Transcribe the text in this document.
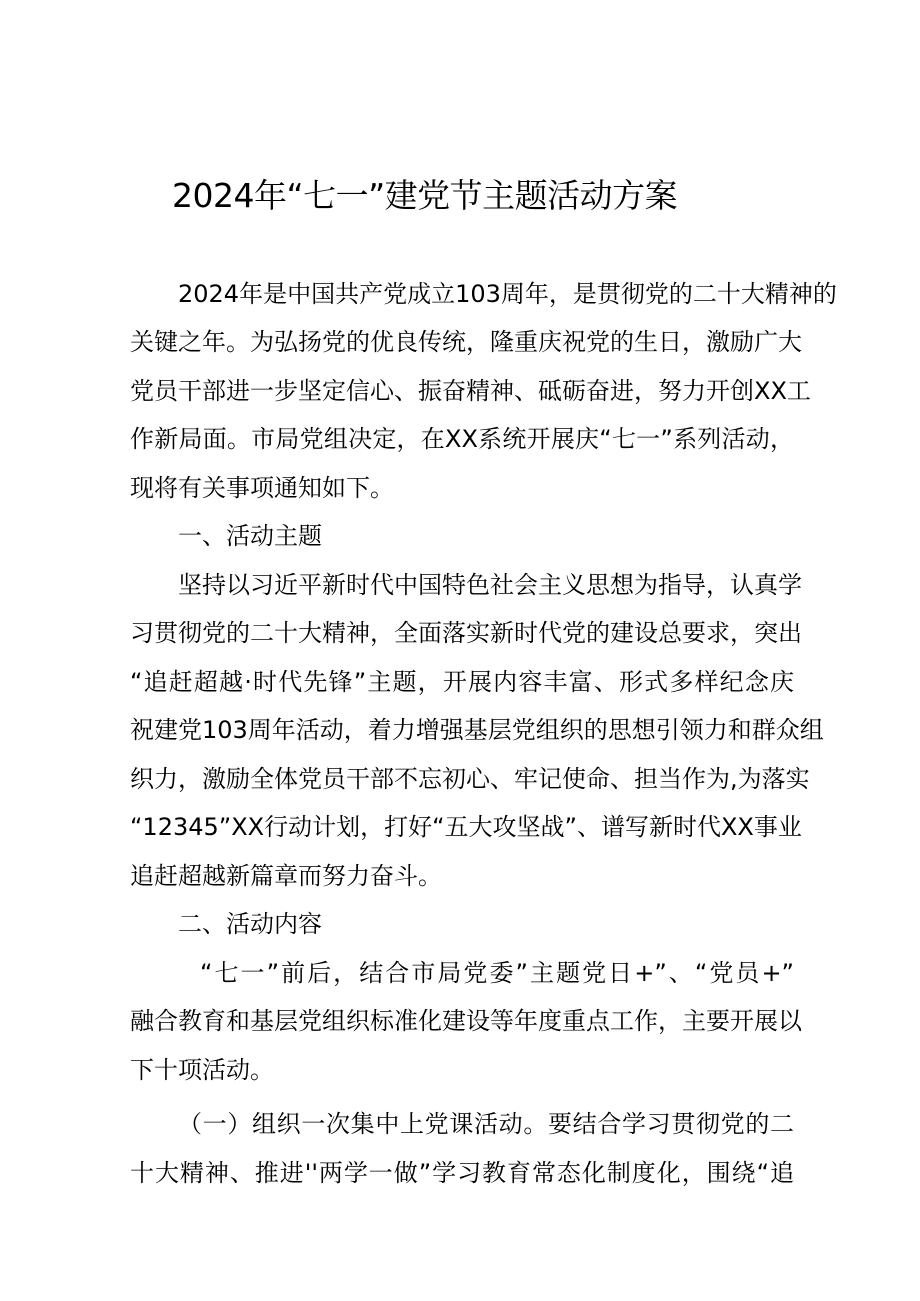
2024年“七一”建党节主题活动方案
2024年是中国共产党成立103周年，是贯彻党的二十大精神的
关键之年。为弘扬党的优良传统，隆重庆祝党的生日，激励广大
党员干部进一步坚定信心、振奋精神、砥砺奋进，努力开创XX工
作新局面。市局党组决定，在XX系统开展庆“七一”系列活动，
现将有关事项通知如下。
一、活动主题
坚持以习近平新时代中国特色社会主义思想为指导，认真学
习贯彻党的二十大精神，全面落实新时代党的建设总要求，突出
“追赶超越·时代先锋”主题，开展内容丰富、形式多样纪念庆
祝建党103周年活动，着力增强基层党组织的思想引领力和群众组
织力，激励全体党员干部不忘初心、牢记使命、担当作为,为落实
“12345”XX行动计划，打好“五大攻坚战”、谱写新时代XX事业
追赶超越新篇章而努力奋斗。
二、活动内容
“七一”前后，结合市局党委”主题党日+”、“党员+”
融合教育和基层党组织标准化建设等年度重点工作，主要开展以
下十项活动。
（一）组织一次集中上党课活动。要结合学习贯彻党的二
十大精神、推进''两学一做”学习教育常态化制度化，围绕“追
